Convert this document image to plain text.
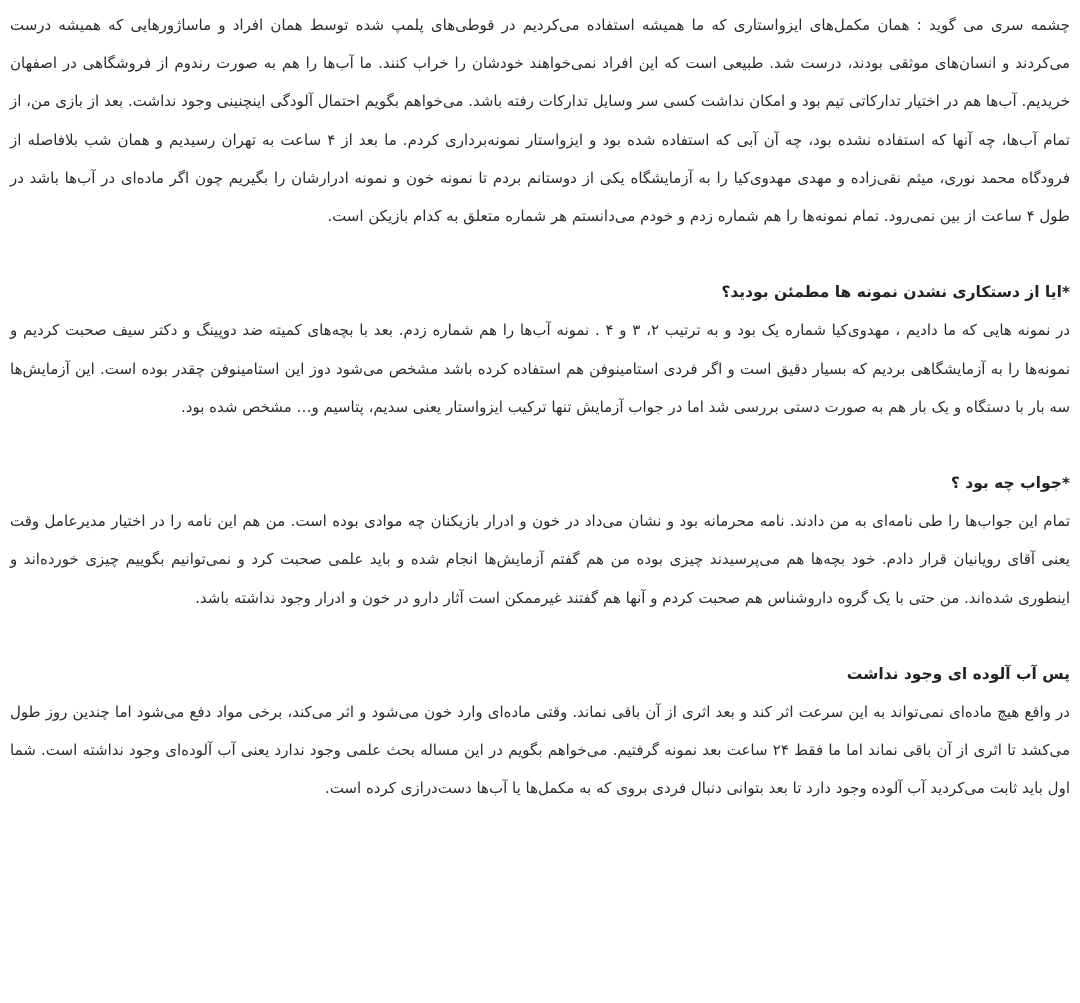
چشمه سری می گوید : همان مکمل‌های ایزواستاری که ما همیشه استفاده می‌کردیم در قوطی‌های پلمپ شده توسط همان افراد و ماساژورهایی که همیشه درست می‌کردند و انسان‌های موثقی بودند، درست شد. طبیعی است که این افراد نمی‌خواهند خودشان را خراب کنند. ما آب‌ها را هم به صورت رندوم از فروشگاهی در اصفهان خریدیم. آب‌ها هم در اختیار تدارکاتی تیم بود و امکان نداشت کسی سر وسایل تدارکات رفته باشد. می‌خواهم بگویم احتمال آلودگی اینچنینی وجود نداشت. بعد از بازی من، از تمام آب‌ها، چه آنها که استفاده نشده بود، چه آن آبی که استفاده شده بود و ایزواستار نمونه‌برداری کردم. ما بعد از ۴ ساعت به تهران رسیدیم و همان شب بلافاصله از فرودگاه محمد نوری، میثم نقی‌زاده و مهدی مهدوی‌کیا را به آزمایشگاه یکی از دوستانم بردم تا نمونه خون و نمونه ادرارشان را بگیریم چون اگر ماده‌ای در آب‌ها باشد در طول ۴ ساعت از بین نمی‌رود. تمام نمونه‌ها را هم شماره زدم و خودم می‌دانستم هر شماره متعلق به کدام بازیکن است.

*ایا از دستکاری نشدن نمونه ها مطمئن بودید؟

در نمونه هایی که ما دادیم ، مهدوی‌کیا شماره یک بود و به ترتیب ۲، ۳ و ۴ . نمونه آب‌ها را هم شماره زدم. بعد با بچه‌های کمیته ضد دوپینگ و دکتر سیف صحبت کردیم و نمونه‌ها را به آزمایشگاهی بردیم که بسیار دقیق است و اگر فردی استامینوفن هم استفاده کرده باشد مشخص می‌شود دوز این استامینوفن چقدر بوده است. این آزمایش‌ها سه بار با دستگاه و یک بار هم به صورت دستی بررسی شد اما در جواب آزمایش تنها ترکیب ایزواستار یعنی سدیم، پتاسیم و… مشخص شده بود.

*جواب چه بود ؟

تمام این جواب‌ها را طی نامه‌ای به من دادند. نامه محرمانه بود و نشان می‌داد در خون و ادرار بازیکنان چه موادی بوده است. من هم این نامه را در اختیار مدیرعامل وقت یعنی آقای رویانیان قرار دادم. خود بچه‌ها هم می‌پرسیدند چیزی بوده من هم گفتم آزمایش‌ها انجام شده و باید علمی صحبت کرد و نمی‌توانیم بگوییم چیزی خورده‌اند و اینطوری شده‌اند. من حتی با یک گروه داروشناس هم صحبت کردم و آنها هم گفتند غیرممکن است آثار دارو در خون و ادرار وجود نداشته باشد.

پس آب آلوده ای وجود نداشت

در واقع هیچ ماده‌ای نمی‌تواند به این سرعت اثر کند و بعد اثری از آن باقی نماند. وقتی ماده‌ای وارد خون می‌شود و اثر می‌کند، برخی مواد دفع می‌شود اما چندین روز طول می‌کشد تا اثری از آن باقی نماند اما ما فقط ۲۴ ساعت بعد نمونه گرفتیم. می‌خواهم بگویم در این مساله بحث علمی وجود ندارد یعنی آب آلوده‌ای وجود نداشته است. شما اول باید ثابت می‌کردید آب آلوده وجود دارد تا بعد بتوانی دنبال فردی بروی که به مکمل‌ها یا آب‌ها دست‌درازی کرده است.
